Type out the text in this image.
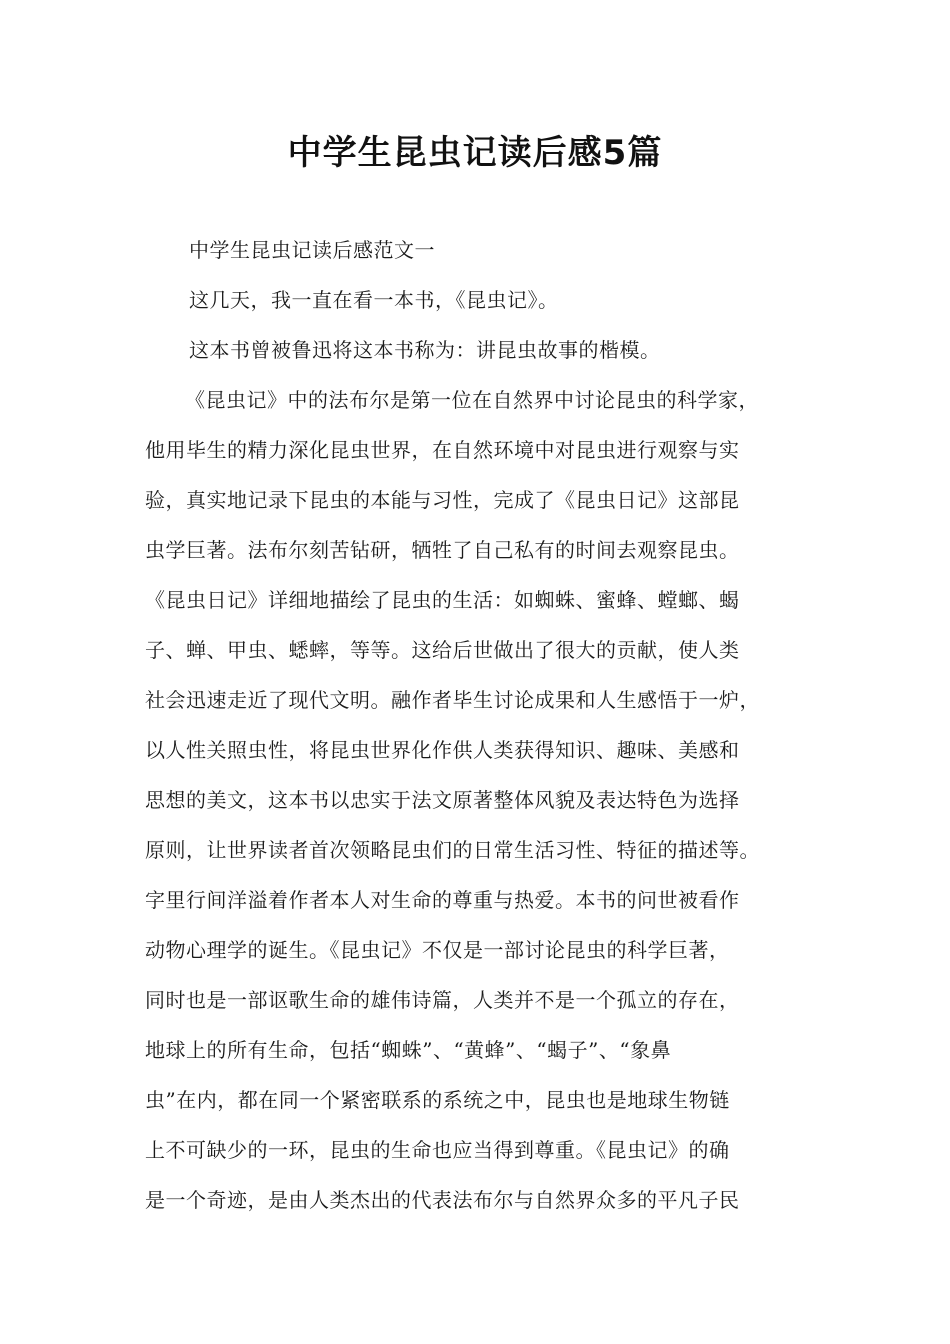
中学生昆虫记读后感5篇

中学生昆虫记读后感范文一

这几天，我一直在看一本书，《昆虫记》。

这本书曾被鲁迅将这本书称为：讲昆虫故事的楷模。

《昆虫记》中的法布尔是第一位在自然界中讨论昆虫的科学家，

他用毕生的精力深化昆虫世界，在自然环境中对昆虫进行观察与实

验，真实地记录下昆虫的本能与习性，完成了《昆虫日记》这部昆

虫学巨著。法布尔刻苦钻研，牺牲了自己私有的时间去观察昆虫。

《昆虫日记》详细地描绘了昆虫的生活：如蜘蛛、蜜蜂、螳螂、蝎

子、蝉、甲虫、蟋蟀，等等。这给后世做出了很大的贡献，使人类

社会迅速走近了现代文明。融作者毕生讨论成果和人生感悟于一炉，

以人性关照虫性，将昆虫世界化作供人类获得知识、趣味、美感和

思想的美文，这本书以忠实于法文原著整体风貌及表达特色为选择

原则，让世界读者首次领略昆虫们的日常生活习性、特征的描述等。

字里行间洋溢着作者本人对生命的尊重与热爱。本书的问世被看作

动物心理学的诞生。《昆虫记》不仅是一部讨论昆虫的科学巨著，

同时也是一部讴歌生命的雄伟诗篇，人类并不是一个孤立的存在，

地球上的所有生命，包括“蜘蛛”、“黄蜂”、“蝎子”、“象鼻

虫”在内，都在同一个紧密联系的系统之中，昆虫也是地球生物链

上不可缺少的一环，昆虫的生命也应当得到尊重。《昆虫记》的确

是一个奇迹，是由人类杰出的代表法布尔与自然界众多的平凡子民
